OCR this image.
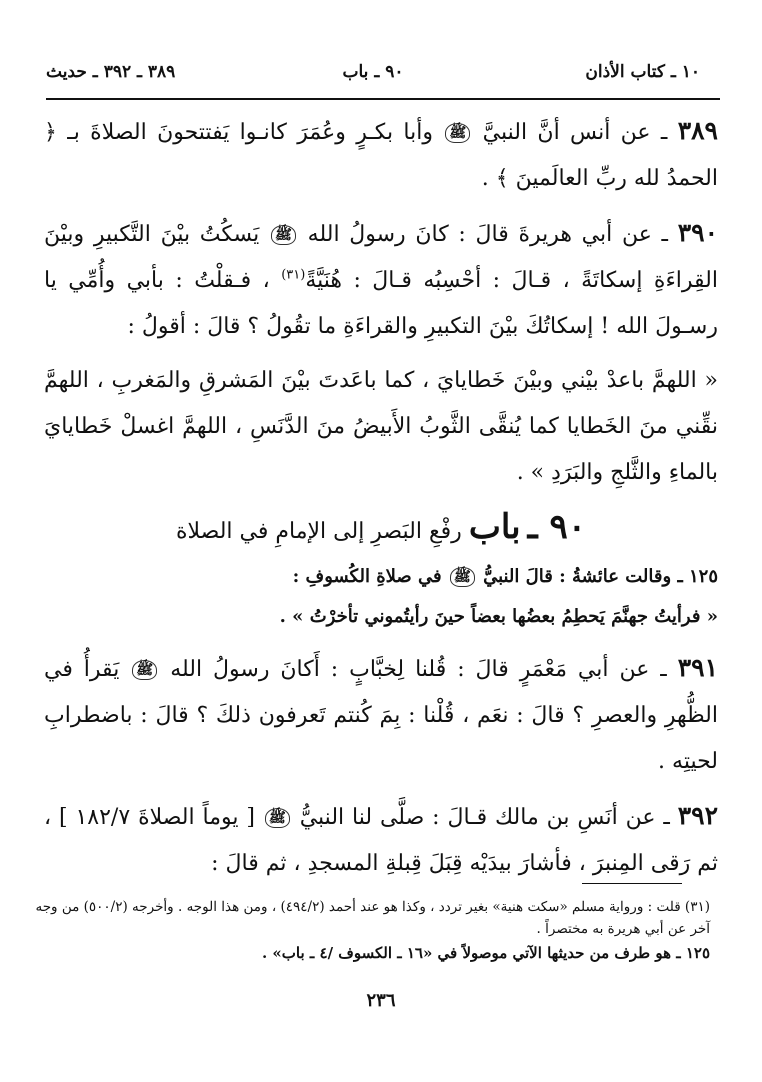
١٠ ـ كتاب الأذان
٩٠ ـ باب
٣٨٩ ـ ٣٩٢ ـ حديث

٣٨٩ ـ عن أنس أنَّ النبيَّ ﷺ وأبا بكـرٍ وعُمَرَ كانـوا يَفتتحونَ الصلاةَ بـ ﴿ الحمدُ لله ربِّ العالَمينَ ﴾ .

٣٩٠ ـ عن أبي هريرةَ قالَ : كانَ رسولُ الله ﷺ يَسكُتُ بيْنَ التَّكبيرِ وبيْنَ القِراءَةِ إسكاتَةً ، قـالَ : أحْسِبُه قـالَ : هُنَيَّةً$^{(٣١)}$ ، فـقلْتُ : بأبي وأُمِّي يا رسـولَ الله ! إسكاتُكَ بيْنَ التكبيرِ والقراءَةِ ما تقُولُ ؟ قالَ : أقولُ :

« اللهمَّ باعدْ بيْني وبيْنَ خَطايايَ ، كما باعَدتَ بيْنَ المَشرقِ والمَغربِ ، اللهمَّ نقِّني منَ الخَطايا كما يُنقَّى الثَّوبُ الأَبيضُ منَ الدَّنَسِ ، اللهمَّ اغسلْ خَطايايَ بالماءِ والثَّلجِ والبَرَدِ » .

٩٠ ـ باب رفْعِ البَصرِ إلى الإمامِ في الصلاة

١٢٥ ـ وقالت عائشةُ : قالَ النبيُّ ﷺ في صلاةِ الكُسوفِ :

« فرأيتُ جهنَّمَ يَحطِمُ بعضُها بعضاً حينَ رأيتُموني تأخرْتُ » .

٣٩١ ـ عن أبي مَعْمَرٍ قالَ : قُلنا لِخبَّابٍ : أَكانَ رسولُ الله ﷺ يَقرأُ في الظُّهرِ والعصرِ ؟ قالَ : نعَم ، قُلْنا : بِمَ كُنتم تَعرفون ذلكَ ؟ قالَ : باضطرابِ لحيتِه .

٣٩٢ ـ عن أنَسِ بن مالك قـالَ : صلَّى لنا النبيُّ ﷺ [ يوماً الصلاةَ ١٨٢/٧ ] ، ثم رَقى المِنبرَ ، فأشارَ بيدَيْه قِبَلَ قِبلةِ المسجدِ ، ثم قالَ :

(٣١) قلت : ورواية مسلم «سكت هنية» بغير تردد ، وكذا هو عند أحمد (٤٩٤/٢) ، ومن هذا الوجه . وأخرجه (٥٠٠/٢) من وجه آخر عن أبي هريرة به مختصراً .
١٢٥ ـ هو طرف من حديثها الآتي موصولاً في «١٦ ـ الكسوف /٤ ـ باب» .
٢٣٦
